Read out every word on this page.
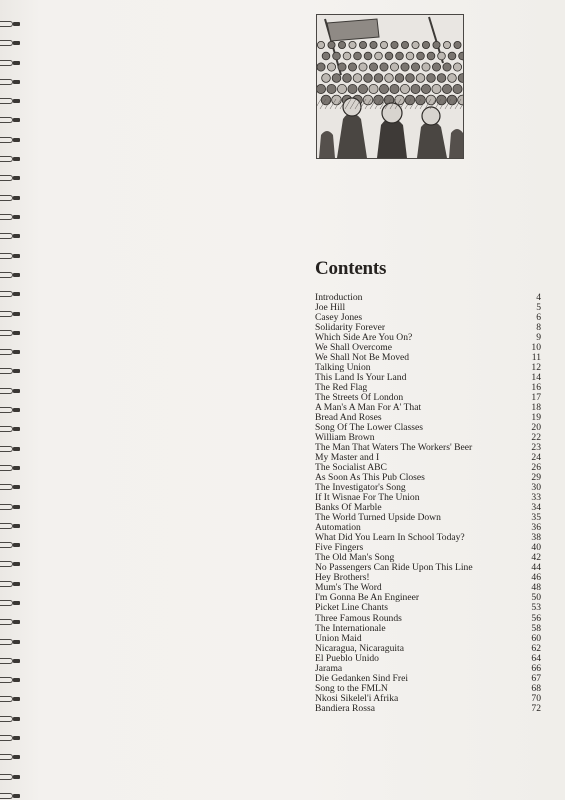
Contents
Introduction	4
Joe Hill	5
Casey Jones	6
Solidarity Forever	8
Which Side Are You On?	9
We Shall Overcome	10
We Shall Not Be Moved	11
Talking Union	12
This Land Is Your Land	14
The Red Flag	16
The Streets Of London	17
A Man's A Man For A' That	18
Bread And Roses	19
Song Of The Lower Classes	20
William Brown	22
The Man That Waters The Workers' Beer	23
My Master and I	24
The Socialist ABC	26
As Soon As This Pub Closes	29
The Investigator's Song	30
If It Wisnae For The Union	33
Banks Of Marble	34
The World Turned Upside Down	35
Automation	36
What Did You Learn In School Today?	38
Five Fingers	40
The Old Man's Song	42
No Passengers Can Ride Upon This Line	44
Hey Brothers!	46
Mum's The Word	48
I'm Gonna Be An Engineer	50
Picket Line Chants	53
Three Famous Rounds	56
The Internationale	58
Union Maid	60
Nicaragua, Nicaraguita	62
El Pueblo Unido	64
Jarama	66
Die Gedanken Sind Frei	67
Song to the FMLN	68
Nkosi Sikelel'i Afrika	70
Bandiera Rossa	72
